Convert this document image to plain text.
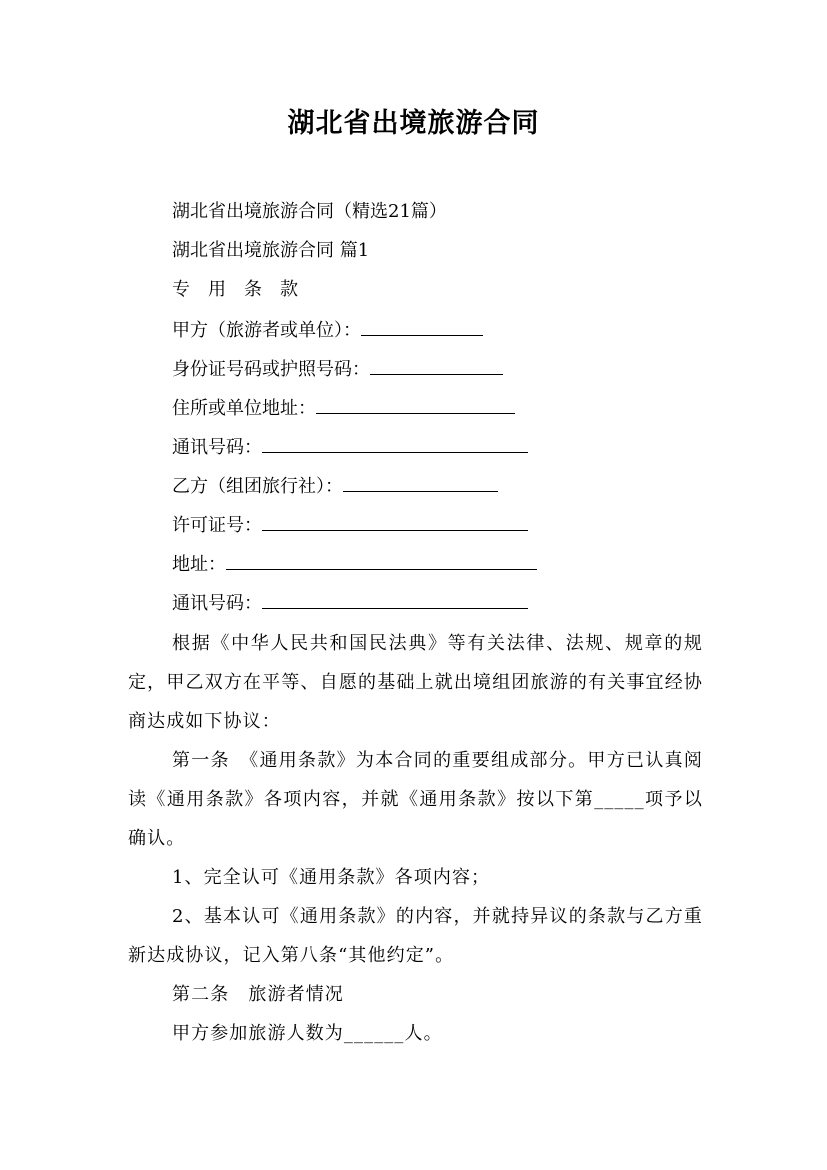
湖北省出境旅游合同
湖北省出境旅游合同（精选21篇）
湖北省出境旅游合同 篇1
专　用　条　款
甲方（旅游者或单位）：
身份证号码或护照号码：
住所或单位地址：
通讯号码：
乙方（组团旅行社）：
许可证号：
地址：
通讯号码：
根据《中华人民共和国民法典》等有关法律、法规、规章的规定，甲乙双方在平等、自愿的基础上就出境组团旅游的有关事宜经协商达成如下协议：
第一条　《通用条款》为本合同的重要组成部分。甲方已认真阅读《通用条款》各项内容，并就《通用条款》按以下第_____项予以确认。
1、完全认可《通用条款》各项内容；
2、基本认可《通用条款》的内容，并就持异议的条款与乙方重新达成协议，记入第八条“其他约定”。
第二条　旅游者情况
甲方参加旅游人数为______人。
